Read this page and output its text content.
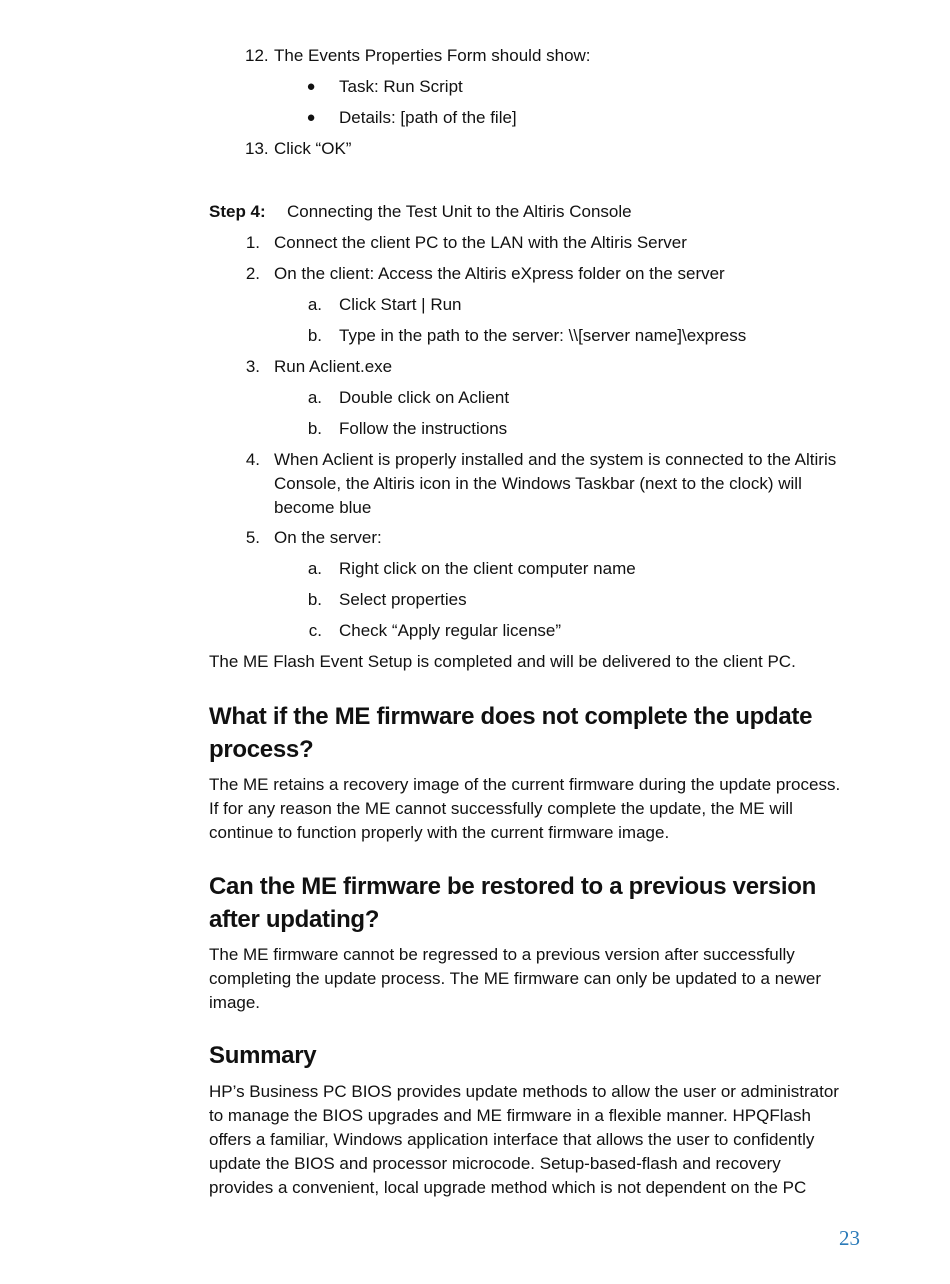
12. The Events Properties Form should show:
● Task: Run Script
● Details: [path of the file]
13. Click “OK”
Step 4: Connecting the Test Unit to the Altiris Console
1. Connect the client PC to the LAN with the Altiris Server
2. On the client: Access the Altiris eXpress folder on the server
a. Click Start | Run
b. Type in the path to the server: \\[server name]\express
3. Run Aclient.exe
a. Double click on Aclient
b. Follow the instructions
4. When Aclient is properly installed and the system is connected to the Altiris
Console, the Altiris icon in the Windows Taskbar (next to the clock) will
become blue
5. On the server:
a. Right click on the client computer name
b. Select properties
c. Check “Apply regular license”
The ME Flash Event Setup is completed and will be delivered to the client PC.
What if the ME firmware does not complete the update
process?
The ME retains a recovery image of the current firmware during the update process.
If for any reason the ME cannot successfully complete the update, the ME will
continue to function properly with the current firmware image.
Can the ME firmware be restored to a previous version
after updating?
The ME firmware cannot be regressed to a previous version after successfully
completing the update process. The ME firmware can only be updated to a newer
image.
Summary
HP’s Business PC BIOS provides update methods to allow the user or administrator
to manage the BIOS upgrades and ME firmware in a flexible manner. HPQFlash
offers a familiar, Windows application interface that allows the user to confidently
update the BIOS and processor microcode. Setup-based-flash and recovery
provides a convenient, local upgrade method which is not dependent on the PC
23
